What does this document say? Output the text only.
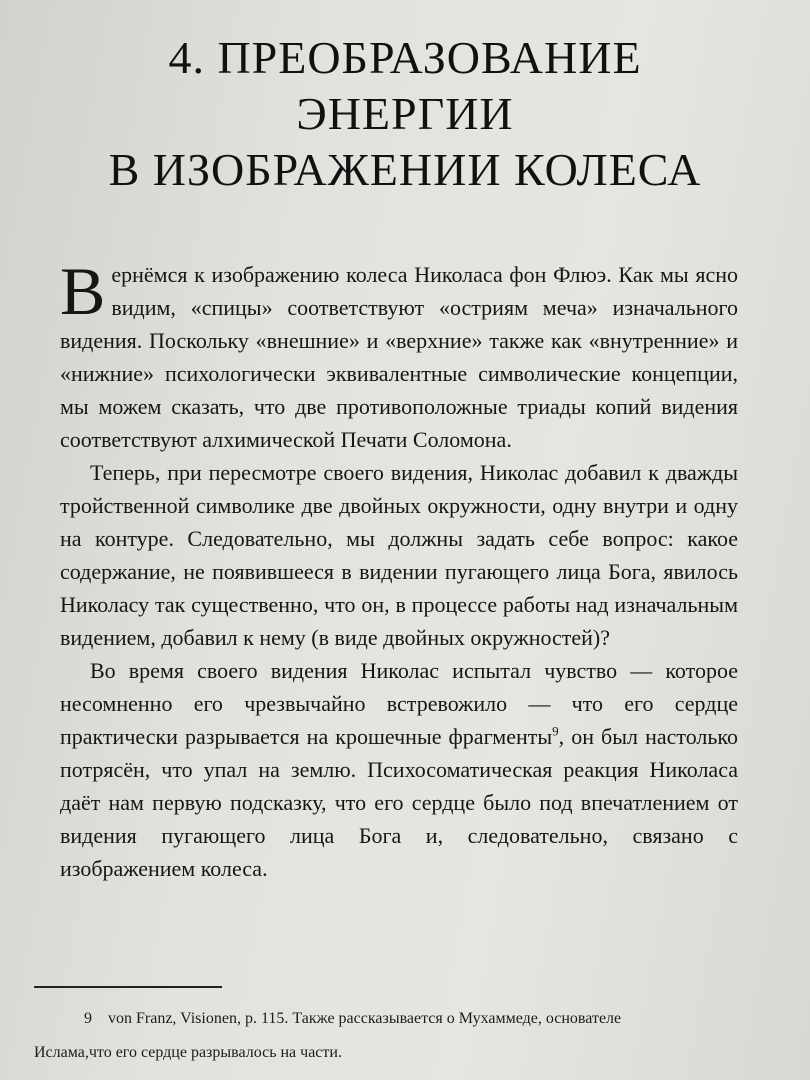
4. ПРЕОБРАЗОВАНИЕ ЭНЕРГИИ
В ИЗОБРАЖЕНИИ КОЛЕСА

Вернёмся к изображению колеса Николаса фон Флюэ. Как мы ясно видим, «спицы» соответствуют «остриям меча» изначального видения. Поскольку «внешние» и «верхние» также как «внутренние» и «нижние» психологически эквивалентные символические концепции, мы можем сказать, что две противоположные триады копий видения соответствуют алхимической Печати Соломона.

Теперь, при пересмотре своего видения, Николас добавил к дважды тройственной символике две двойных окружности, одну внутри и одну на контуре. Следовательно, мы должны задать себе вопрос: какое содержание, не появившееся в видении пугающего лица Бога, явилось Николасу так существенно, что он, в процессе работы над изначальным видением, добавил к нему (в виде двойных окружностей)?

Во время своего видения Николас испытал чувство — которое несомненно его чрезвычайно встревожило — что его сердце практически разрывается на крошечные фрагменты$^9$, он был настолько потрясён, что упал на землю. Психосоматическая реакция Николаса даёт нам первую подсказку, что его сердце было под впечатлением от видения пугающего лица Бога и, следовательно, связано с изображением колеса.

9 von Franz, Visionen, p. 115. Также рассказывается о Мухаммеде, основателе

Ислама,что его сердце разрывалось на части.
